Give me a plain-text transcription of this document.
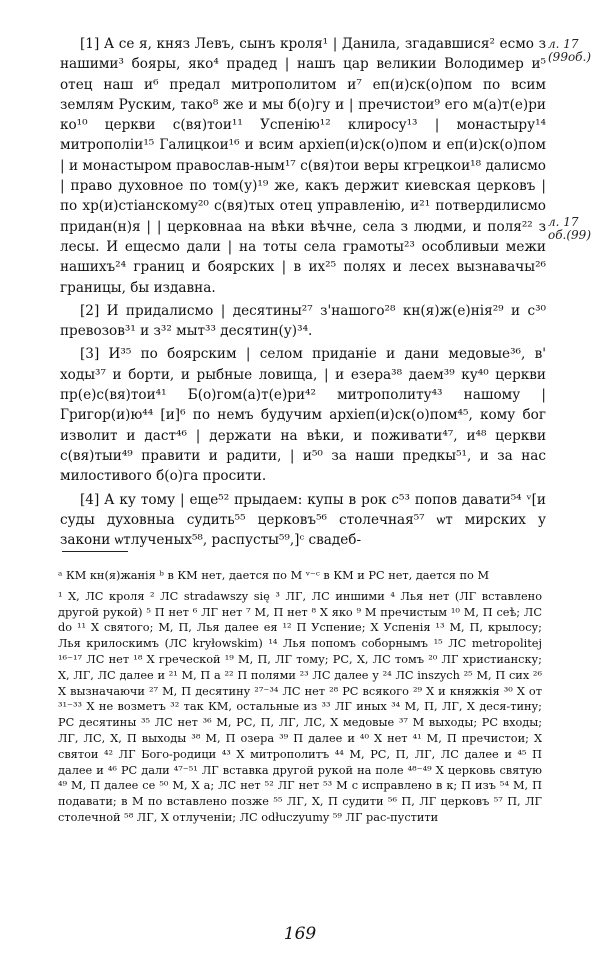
[1] А се я, княз Левъ, сынъ кроля¹ | Данила, згадавшися² есмо з нашими³ бояры, яко⁴ прадед | нашъ цар великии Володимер и⁵ отец наш и⁶ предал митрополитом и⁷ еп(и)ск(о)пом по всим землям Руским, тако⁸ же и мы б(о)гу и | пречистои⁹ его м(а)т(е)ри ко¹⁰ церкви с(вя)тои¹¹ Успенію¹² клиросу¹³ | монастыру¹⁴ митрополіи¹⁵ Галицкои¹⁶ и всим архіеп(и)ск(о)пом и еп(и)ск(о)пом | и монастыром православ-ным¹⁷ с(вя)тои веры кгрецкои¹⁸ далисмо | право духовное по том(у)¹⁹ же, какъ держит киевская церковъ | по хр(и)стіанскому²⁰ с(вя)тых отец управленію, и²¹ потвердилисмо придан(н)я | | церковнаа на вѣки вѣчне, села з людми, и поля²² з лесы. И ещесмо дали | на тоты села грамоты²³ особливыи межи нашихъ²⁴ границ и боярских | в их²⁵ полях и лесех вызнавачы²⁶ границы, бы издавна.

[2] И придалисмо | десятины²⁷ з'нашого²⁸ кн(я)ж(е)нія²⁹ и с³⁰ превозов³¹ и з³² мыт³³ десятин(у)³⁴.

[3] И³⁵ по боярским | селом приданіе и дани медовые³⁶, в' ходы³⁷ и борти, и рыбные ловища, | и езера³⁸ даем³⁹ ку⁴⁰ церкви пр(е)с(вя)тои⁴¹ Б(о)гом(а)т(е)ри⁴² митрополиту⁴³ нашому | Григор(и)ю⁴⁴ [и]⁶ по немъ будучим архіеп(и)ск(о)пом⁴⁵, кому бог изволит и даст⁴⁶ | держати на вѣки, и поживати⁴⁷, и⁴⁸ церкви с(вя)тыи⁴⁹ правити и радити, | и⁵⁰ за наши предкы⁵¹, и за нас милостивого б(о)га просити.

[4] А ку тому | еще⁵² прыдаем: купы в рок с⁵³ попов давати⁵⁴ ᵛ[и суды духовныа судить⁵⁵ церковъ⁵⁶ столечная⁵⁷ ѡт мирских у закони ѡтлученых⁵⁸, распусты⁵⁹,]ᶜ свадеб-

л. 17 (99об.)
л. 17 об.(99)

ᵃ КМ кн(я)жанія ᵇ в КМ нет, дается по М ᵛ⁻ᶜ в КМ и РС нет, дается по М

¹ Х, ЛС кроля ² ЛС stradawszy się ³ ЛГ, ЛС иншими ⁴ Лья нет (ЛГ вставлено другой рукой) ⁵ П нет ⁶ ЛГ нет ⁷ М, П нет ⁸ Х яко ⁹ М пречистым ¹⁰ М, П сеѣ; ЛС do ¹¹ Х святого; М, П, Лья далее ея ¹² П Успение; Х Успенія ¹³ М, П, крылосу; Лья крилоскимъ (ЛС kryłowskim) ¹⁴ Лья попомъ соборнымъ ¹⁵ ЛС metropolitej ¹⁶⁻¹⁷ ЛС нет ¹⁸ Х греческой ¹⁹ М, П, ЛГ тому; РС, Х, ЛС томъ ²⁰ ЛГ христианску; Х, ЛГ, ЛС далее и ²¹ М, П а ²² П полями ²³ ЛС далее у ²⁴ ЛС inszych ²⁵ М, П сих ²⁶ Х вызначаючи ²⁷ М, П десятину ²⁷⁻³⁴ ЛС нет ²⁸ РС всякого ²⁹ Х и княжкія ³⁰ Х от ³¹⁻³³ Х не возметъ ³² так КМ, остальные из ³³ ЛГ иных ³⁴ М, П, ЛГ, Х деся-тину; РС десятины ³⁵ ЛС нет ³⁶ М, РС, П, ЛГ, ЛС, Х медовые ³⁷ М выходы; РС входы; ЛГ, ЛС, Х, П выходы ³⁸ М, П озера ³⁹ П далее и ⁴⁰ Х нет ⁴¹ М, П пречистои; Х святои ⁴² ЛГ Бого-родици ⁴³ Х митрополитъ ⁴⁴ М, РС, П, ЛГ, ЛС далее и ⁴⁵ П далее и ⁴⁶ РС дали ⁴⁷⁻⁵¹ ЛГ вставка другой рукой на поле ⁴⁸⁻⁴⁹ Х церковь святую ⁴⁹ М, П далее се ⁵⁰ М, Х а; ЛС нет ⁵² ЛГ нет ⁵³ М с исправлено в к; П изъ ⁵⁴ М, П подавати; в М по вставлено позже ⁵⁵ ЛГ, Х, П судити ⁵⁶ П, ЛГ церковъ ⁵⁷ П, ЛГ столечной ⁵⁸ ЛГ, Х отлученіи; ЛС odłuczyumy ⁵⁹ ЛГ рас-пустити

169
